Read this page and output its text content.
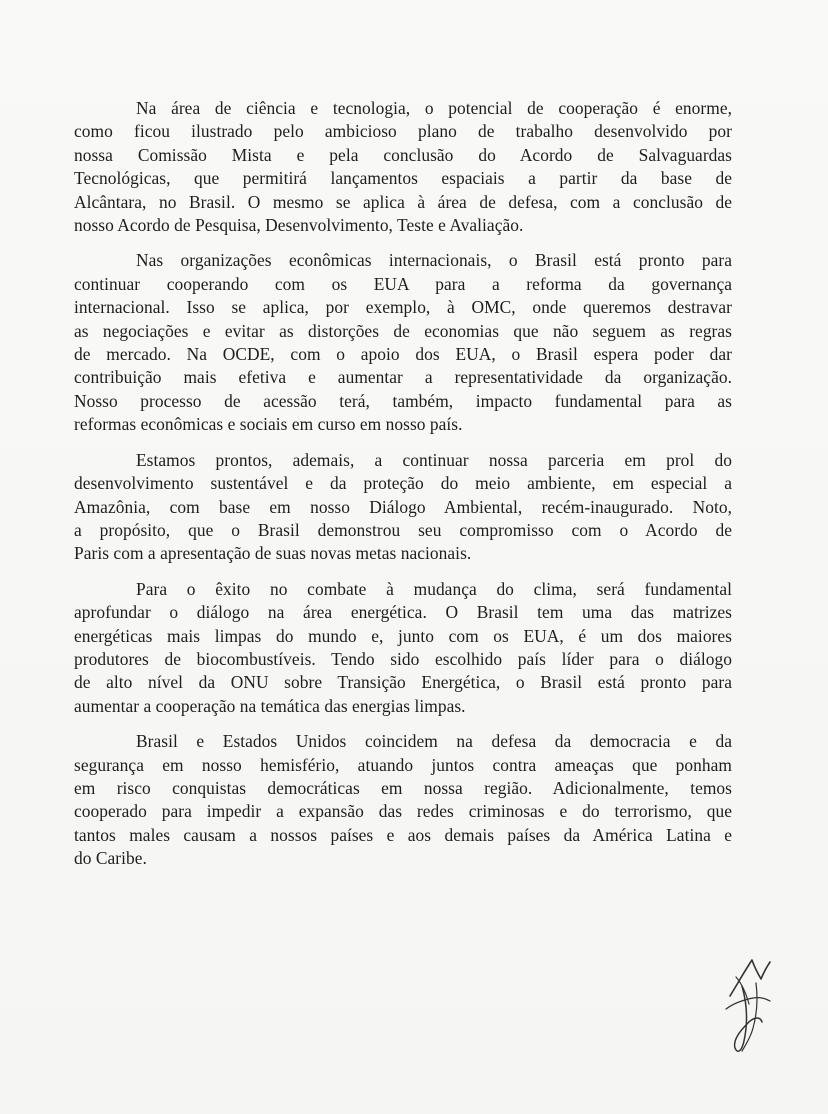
Na área de ciência e tecnologia, o potencial de cooperação é enorme,
como ficou ilustrado pelo ambicioso plano de trabalho desenvolvido por
nossa Comissão Mista e pela conclusão do Acordo de Salvaguardas
Tecnológicas, que permitirá lançamentos espaciais a partir da base de
Alcântara, no Brasil. O mesmo se aplica à área de defesa, com a conclusão de
nosso Acordo de Pesquisa, Desenvolvimento, Teste e Avaliação.

Nas organizações econômicas internacionais, o Brasil está pronto para
continuar cooperando com os EUA para a reforma da governança
internacional. Isso se aplica, por exemplo, à OMC, onde queremos destravar
as negociações e evitar as distorções de economias que não seguem as regras
de mercado. Na OCDE, com o apoio dos EUA, o Brasil espera poder dar
contribuição mais efetiva e aumentar a representatividade da organização.
Nosso processo de acessão terá, também, impacto fundamental para as
reformas econômicas e sociais em curso em nosso país.

Estamos prontos, ademais, a continuar nossa parceria em prol do
desenvolvimento sustentável e da proteção do meio ambiente, em especial a
Amazônia, com base em nosso Diálogo Ambiental, recém-inaugurado. Noto,
a propósito, que o Brasil demonstrou seu compromisso com o Acordo de
Paris com a apresentação de suas novas metas nacionais.

Para o êxito no combate à mudança do clima, será fundamental
aprofundar o diálogo na área energética. O Brasil tem uma das matrizes
energéticas mais limpas do mundo e, junto com os EUA, é um dos maiores
produtores de biocombustíveis. Tendo sido escolhido país líder para o diálogo
de alto nível da ONU sobre Transição Energética, o Brasil está pronto para
aumentar a cooperação na temática das energias limpas.

Brasil e Estados Unidos coincidem na defesa da democracia e da
segurança em nosso hemisfério, atuando juntos contra ameaças que ponham
em risco conquistas democráticas em nossa região. Adicionalmente, temos
cooperado para impedir a expansão das redes criminosas e do terrorismo, que
tantos males causam a nossos países e aos demais países da América Latina e
do Caribe.
